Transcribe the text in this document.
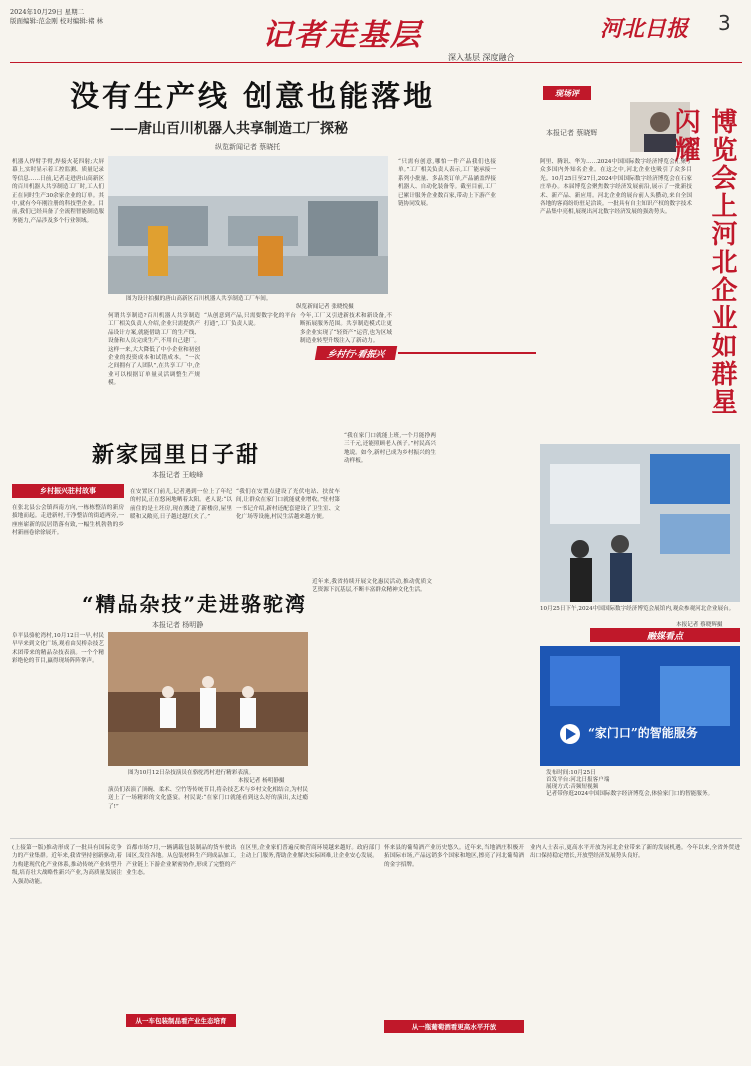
2024年10月29日 星期二
版面编辑:范金刚 校对编辑:褚 林	记者走基层	河北日报 3
深入基层 深度融合
没有生产线 创意也能落地
——唐山百川机器人共享制造工厂探秘
纵览新闻记者 蔡晓托
机器人焊臂手臂,焊接火花四射;大屏幕上,实时显示着工控监测、质量记录等信息……日前,记者走进唐山高新区的百川机器人共享制造工厂时,工人们正在同时生产30余家企业的订单。其中,就有今年刚注册的科技型企业。目前,我们已经具备了全流程智能制造服务能力,产品涉及多个行业领域。
图为设计拍摄的唐山高新区百川机器人共享制造工厂车间。
纵览新闻记者 张晓悦摄
何谓共享制造?百川机器人共享制造工厂相关负责人介绍,企业只需提供产品设计方案,就能借助工厂的生产线、设备和人员完成生产,不用自己建厂。这样一来,大大降低了中小企业和初创企业的投资成本和试错成本。“一次之间拥有了人团队”,在共享工厂中,企业可以根据订单量灵活调整生产规模。
“从创意到产品,只需要数字化的平台打通”,工厂负责人说。
今年,工厂又引进新技术和新设备,不断拓展服务范围。共享制造模式让更多企业实现了“轻资产”运营,也为区域制造业转型升级注入了新动力。
“只需有创意,哪怕一件产品我们也接单。”工厂相关负责人表示,工厂能承接一系列小批量、多品类订单,产品涵盖焊接机器人、自动化装备等。截至目前,工厂已累计服务企业数百家,带动上下游产业链协同发展。
现场评
本报记者 蔡晓辉	博览会上河北企业如群星闪耀
阿里、腾讯、华为……2024中国国际数字经济博览会汇聚了众多国内外知名企业。在这之中,河北企业也吸引了众多目光。10月25日至27日,2024中国国际数字经济博览会在石家庄举办。本届博览会聚焦数字经济发展前沿,展示了一批新技术、新产品、新应用。河北企业的展台前人头攒动,来自全国各地的客商纷纷驻足洽谈。一批具有自主知识产权的数字技术产品集中亮相,展现出河北数字经济发展的强劲势头。
10月25日下午,2024中国国际数字经济博览会展馆内,观众参观河北企业展台。
本报记者 蔡晓辉摄
乡村行·看振兴
新家园里日子甜
本报记者 王峻峰
乡村振兴驻村故事
在张北县公会镇西南方向,一栋栋整洁的新房拔地而起。走进新村,干净整洁的街道两旁,一座座崭新的民居错落有致,一幅生机勃勃的乡村新画卷徐徐展开。
在安置区门前儿,记者遇到一位上了年纪的村民,正在悠闲地晒着太阳。老人说:“以前住的是土坯房,现在搬进了新楼房,屋里暖和又敞亮,日子越过越红火了。”
“我们在安置点建设了光伏电站、扶贫车间,让群众在家门口就能就业增收。”驻村第一书记介绍,新村还配套建设了卫生室、文化广场等设施,村民生活越来越方便。
“我在家门口就能上班,一个月能挣两三千元,还能照顾老人孩子。”村民高兴地说。如今,新村已成为乡村振兴的生动样板。
“精品杂技”走进骆驼湾
本报记者 杨明静
阜平县骆驼湾村,10月12日一早,村民早早来到文化广场,观看由吴桥杂技艺术团带来的精品杂技表演。一个个精彩绝伦的节目,赢得现场阵阵掌声。
图为10月12日杂技演员在骆驼湾村进行精彩表演。
本报记者 杨明静摄
演员们表演了顶碗、柔术、空竹等传统节目,将杂技艺术与乡村文化相结合,为村民送上了一场精彩的文化盛宴。村民说:“在家门口就能看到这么好的演出,太过瘾了!”
近年来,我省持续开展文化惠民活动,推动优质文艺资源下沉基层,不断丰富群众精神文化生活。
融媒看点
“家门口”的智能服务
发布时间:10月25日
首发平台:河北日报客户端
展现方式:音频短视频
记者带你逛2024中国国际数字经济博览会,体验家门口的智能服务。
(上接第一版)推动形成了一批具有国际竞争力的产业集群。近年来,我省坚持创新驱动,着力构建现代化产业体系,推动传统产业转型升级,培育壮大战略性新兴产业,为高质量发展注入强劲动能。
首都市场7月,一辆满载包装制品的货车驶出园区,发往各地。从包装材料生产到成品加工,产业链上下游企业紧密协作,形成了完整的产业生态。
从一车包装制品看产业生态培育
在区里,企业家们普遍反映营商环境越来越好。政府部门主动上门服务,帮助企业解决实际困难,让企业安心发展。
怀来县的葡萄酒产业历史悠久。近年来,当地酒庄积极开拓国际市场,产品远销多个国家和地区,擦亮了河北葡萄酒的金字招牌。
从一瓶葡萄酒看更高水平开放
业内人士表示,更高水平开放为河北企业带来了新的发展机遇。今年以来,全省外贸进出口保持稳定增长,开放型经济发展势头良好。
